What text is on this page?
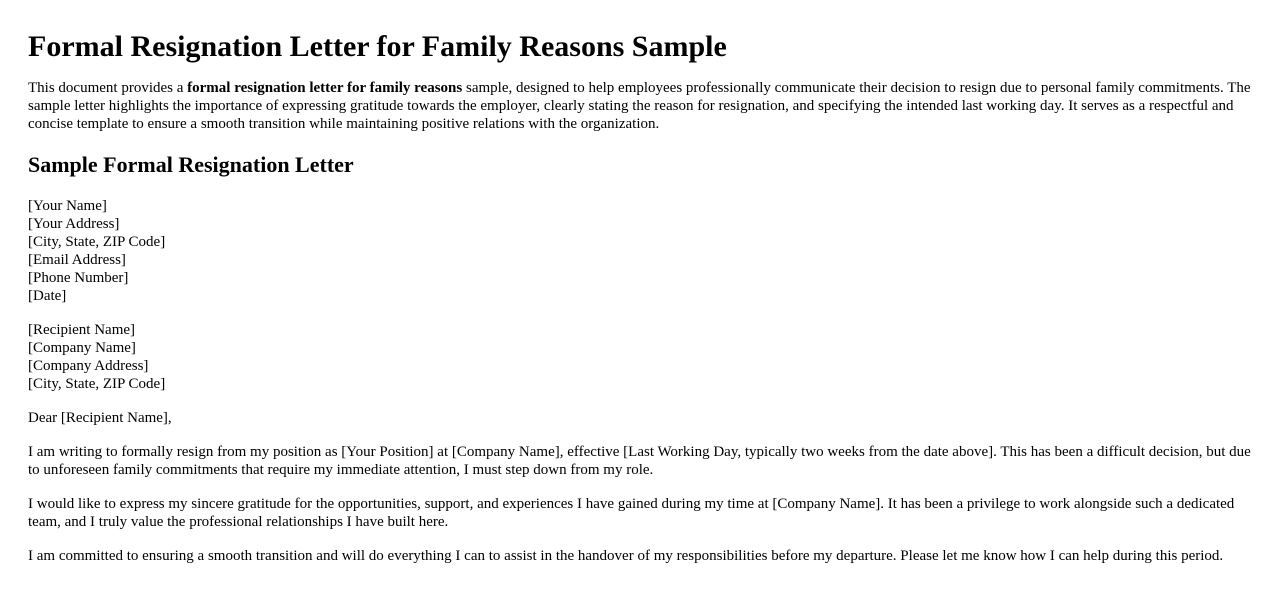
Formal Resignation Letter for Family Reasons Sample

This document provides a formal resignation letter for family reasons sample, designed to help employees professionally communicate their decision to resign due to personal family commitments. The sample letter highlights the importance of expressing gratitude towards the employer, clearly stating the reason for resignation, and specifying the intended last working day. It serves as a respectful and concise template to ensure a smooth transition while maintaining positive relations with the organization.

Sample Formal Resignation Letter
[Your Name]
[Your Address]
[City, State, ZIP Code]
[Email Address]
[Phone Number]
[Date]
[Recipient Name]
[Company Name]
[Company Address]
[City, State, ZIP Code]

Dear [Recipient Name],

I am writing to formally resign from my position as [Your Position] at [Company Name], effective [Last Working Day, typically two weeks from the date above]. This has been a difficult decision, but due to unforeseen family commitments that require my immediate attention, I must step down from my role.

I would like to express my sincere gratitude for the opportunities, support, and experiences I have gained during my time at [Company Name]. It has been a privilege to work alongside such a dedicated team, and I truly value the professional relationships I have built here.

I am committed to ensuring a smooth transition and will do everything I can to assist in the handover of my responsibilities before my departure. Please let me know how I can help during this period.
